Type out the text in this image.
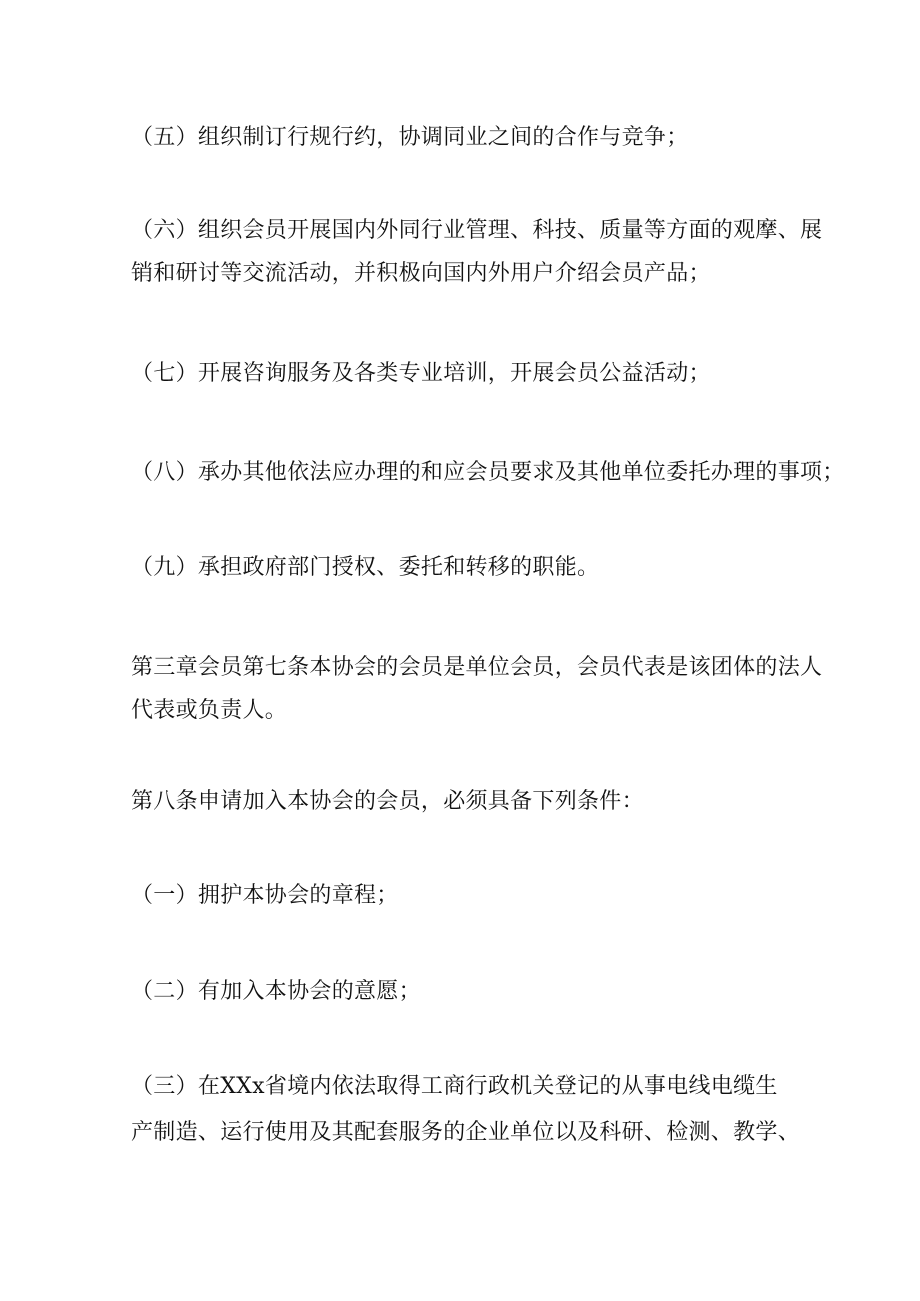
（五）组织制订行规行约，协调同业之间的合作与竞争；
（六）组织会员开展国内外同行业管理、科技、质量等方面的观摩、展
销和研讨等交流活动，并积极向国内外用户介绍会员产品；
（七）开展咨询服务及各类专业培训，开展会员公益活动；
（八）承办其他依法应办理的和应会员要求及其他单位委托办理的事项；
（九）承担政府部门授权、委托和转移的职能。
第三章会员第七条本协会的会员是单位会员，会员代表是该团体的法人
代表或负责人。
第八条申请加入本协会的会员，必须具备下列条件：
（一）拥护本协会的章程；
（二）有加入本协会的意愿；
（三）在XXx省境内依法取得工商行政机关登记的从事电线电缆生
产制造、运行使用及其配套服务的企业单位以及科研、检测、教学、
